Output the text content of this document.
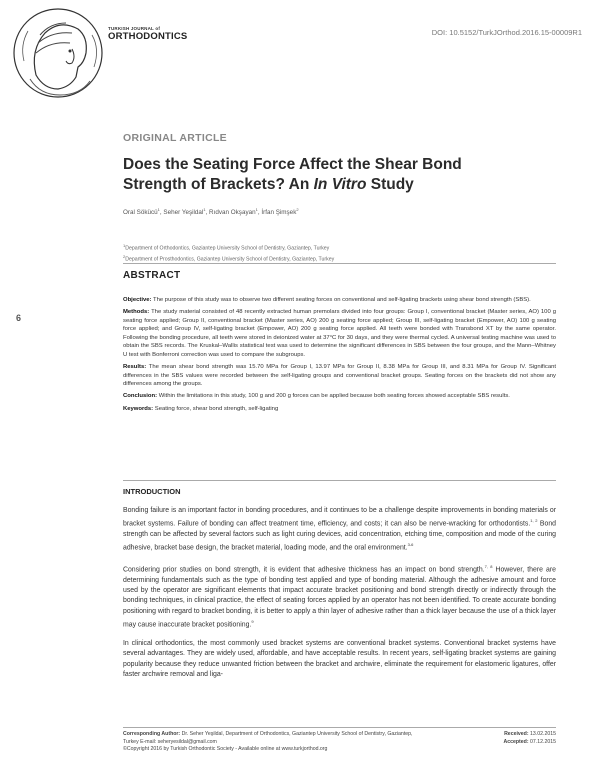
TURKISH JOURNAL of
ORTHODONTICS	DOI: 10.5152/TurkJOrthod.2016.15-00009R1
6
ORIGINAL ARTICLE
Does the Seating Force Affect the Shear Bond
Strength of Brackets? An In Vitro Study
Oral Sökücü$^1$, Seher Yeşildal$^1$, Rıdvan Okşayan$^1$, İrfan Şimşek$^2$
$^1$Department of Orthodontics, Gaziantep University School of Dentistry, Gaziantep, Turkey
$^2$Department of Prosthodontics, Gaziantep University School of Dentistry, Gaziantep, Turkey
ABSTRACT

Objective: The purpose of this study was to observe two different seating forces on conventional and self-ligating brackets using shear bond strength (SBS).

Methods: The study material consisted of 48 recently extracted human premolars divided into four groups: Group I, conventional bracket (Master series, AO) 100 g seating force applied; Group II, conventional bracket (Master series, AO) 200 g seating force applied; Group III, self-ligating bracket (Empower, AO) 100 g seating force applied; and Group IV, self-ligating bracket (Empower, AO) 200 g seating force applied. All teeth were bonded with Transbond XT by the same operator. Following the bonding procedure, all teeth were stored in deionized water at 37°C for 30 days, and they were thermal cycled. A universal testing machine was used to obtain the SBS records. The Kruskal–Wallis statistical test was used to determine the significant differences in SBS between the four groups, and the Mann–Whitney U test with Bonferroni correction was used to compare the subgroups.

Results: The mean shear bond strength was 15.70 MPa for Group I, 13.97 MPa for Group II, 8.38 MPa for Group III, and 8.31 MPa for Group IV. Significant differences in the SBS values were recorded between the self-ligating groups and conventional bracket groups. Seating forces on the brackets did not show any differences among the groups.

Conclusion: Within the limitations in this study, 100 g and 200 g forces can be applied because both seating forces showed acceptable SBS results.

Keywords: Seating force, shear bond strength, self-ligating

INTRODUCTION

Bonding failure is an important factor in bonding procedures, and it continues to be a challenge despite improvements in bonding materials or bracket systems. Failure of bonding can affect treatment time, efficiency, and costs; it can also be nerve-wracking for orthodontists.$^{1, 2}$ Bond strength can be affected by several factors such as light curing devices, acid concentration, etching time, composition and mode of the curing adhesive, bracket base design, the bracket material, loading mode, and the oral environment.$^{3-6}$

Considering prior studies on bond strength, it is evident that adhesive thickness has an impact on bond strength.$^{7, 8}$ However, there are determining fundamentals such as the type of bonding test applied and type of bonding material. Although the adhesive amount and force used by the operator are significant elements that impact accurate bracket positioning and bond strength directly or indirectly through the bonding techniques, in clinical practice, the effect of seating forces applied by an operator has not been identified. To create accurate bonding positioning with regard to bracket bonding, it is better to apply a thin layer of adhesive rather than a thick layer because the use of a thick layer may cause inaccurate bracket positioning.$^9$

In clinical orthodontics, the most commonly used bracket systems are conventional bracket systems. Conventional bracket systems have several advantages. They are widely used, affordable, and have acceptable results. In recent years, self-ligating bracket systems are gaining popularity because they reduce unwanted friction between the bracket and archwire, eliminate the requirement for elastomeric ligatures, offer faster archwire removal and liga-

Corresponding Author: Dr. Seher Yeşildal, Department of Orthodontics, Gaziantep University School of Dentistry, Gaziantep,	Received: 13.02.2015
Turkey E-mail: seheryesildal@gmail.com	Accepted: 07.12.2015
©Copyright 2016 by Turkish Orthodontic Society - Available online at www.turkjorthod.org
